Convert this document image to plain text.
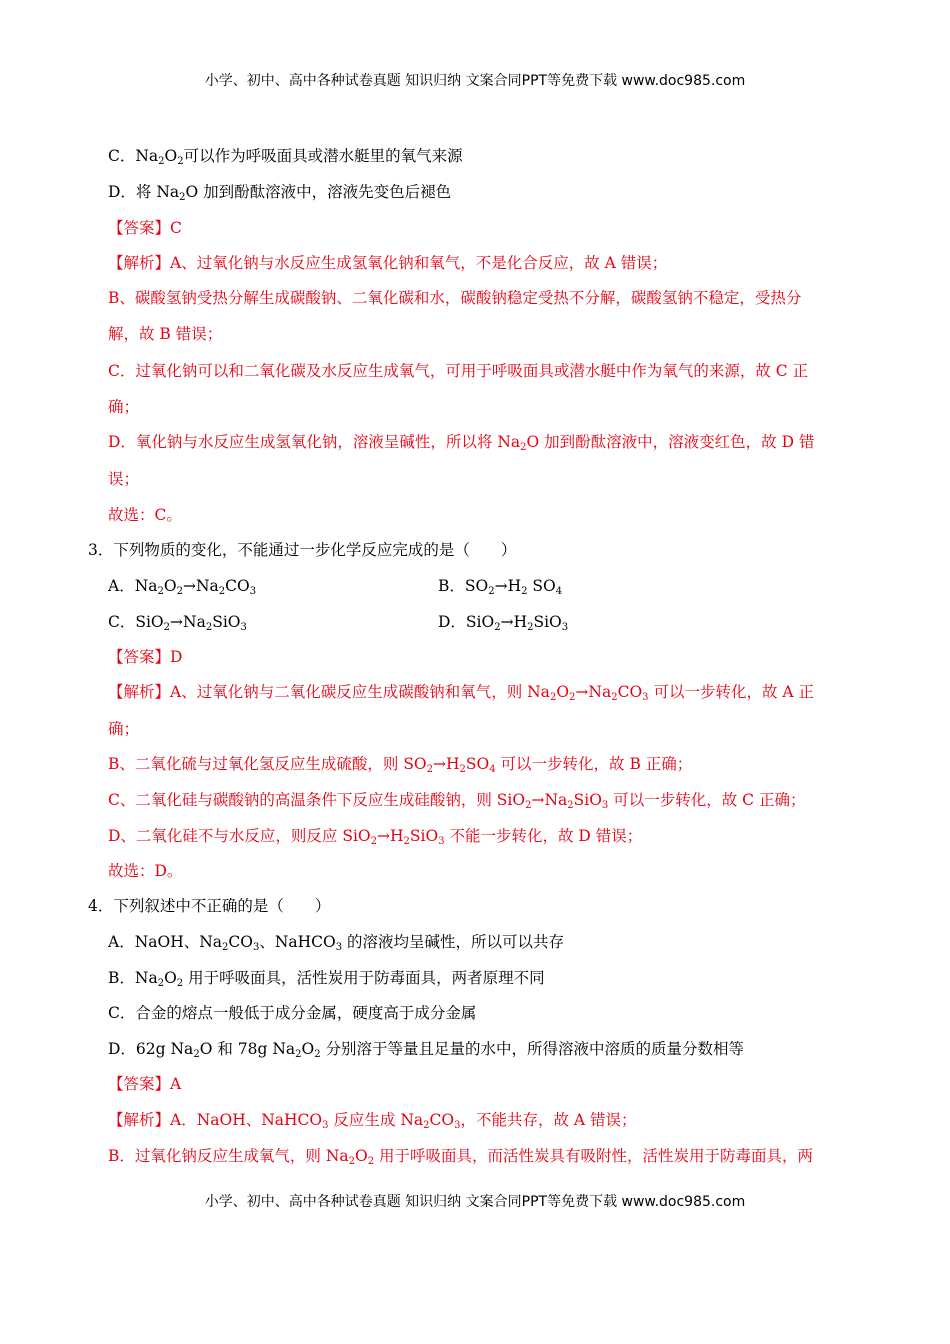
小学、初中、高中各种试卷真题 知识归纳 文案合同PPT等免费下载 www.doc985.com
C．$Na_2O_2$可以作为呼吸面具或潜水艇里的氧气来源
D．将 $Na_2O$ 加到酚酞溶液中，溶液先变色后褪色
【答案】C
【解析】A、过氧化钠与水反应生成氢氧化钠和氧气，不是化合反应，故 A 错误；
B、碳酸氢钠受热分解生成碳酸钠、二氧化碳和水，碳酸钠稳定受热不分解，碳酸氢钠不稳定，受热分
解，故 B 错误；
C．过氧化钠可以和二氧化碳及水反应生成氧气，可用于呼吸面具或潜水艇中作为氧气的来源，故 C 正
确；
D．氧化钠与水反应生成氢氧化钠，溶液呈碱性，所以将 $Na_2O$ 加到酚酞溶液中，溶液变红色，故 D 错
误；
故选：C。
3．下列物质的变化，不能通过一步化学反应完成的是（　　）
A．$Na_2O_2\to Na_2CO_3$	B．$SO_2\to H_2$ $SO_4$
C．$SiO_2\to Na_2SiO_3$	D．$SiO_2\to H_2SiO_3$
【答案】D
【解析】A、过氧化钠与二氧化碳反应生成碳酸钠和氧气，则 $Na_2O_2\to Na_2CO_3$ 可以一步转化，故 A 正
确；
B、二氧化硫与过氧化氢反应生成硫酸，则 $SO_2\to H_2SO_4$ 可以一步转化，故 B 正确；
C、二氧化硅与碳酸钠的高温条件下反应生成硅酸钠，则 $SiO_2\to Na_2SiO_3$ 可以一步转化，故 C 正确；
D、二氧化硅不与水反应，则反应 $SiO_2\to H_2SiO_3$ 不能一步转化，故 D 错误；
故选：D。
4．下列叙述中不正确的是（　　）
A．NaOH、$Na_2CO_3$、NaHCO$_3$ 的溶液均呈碱性，所以可以共存
B．$Na_2O_2$ 用于呼吸面具，活性炭用于防毒面具，两者原理不同
C．合金的熔点一般低于成分金属，硬度高于成分金属
D．62g $Na_2O$ 和 78g $Na_2O_2$ 分别溶于等量且足量的水中，所得溶液中溶质的质量分数相等
【答案】A
【解析】A．NaOH、NaHCO$_3$ 反应生成 $Na_2CO_3$，不能共存，故 A 错误；
B．过氧化钠反应生成氧气，则 $Na_2O_2$ 用于呼吸面具，而活性炭具有吸附性，活性炭用于防毒面具，两
小学、初中、高中各种试卷真题 知识归纳 文案合同PPT等免费下载 www.doc985.com
